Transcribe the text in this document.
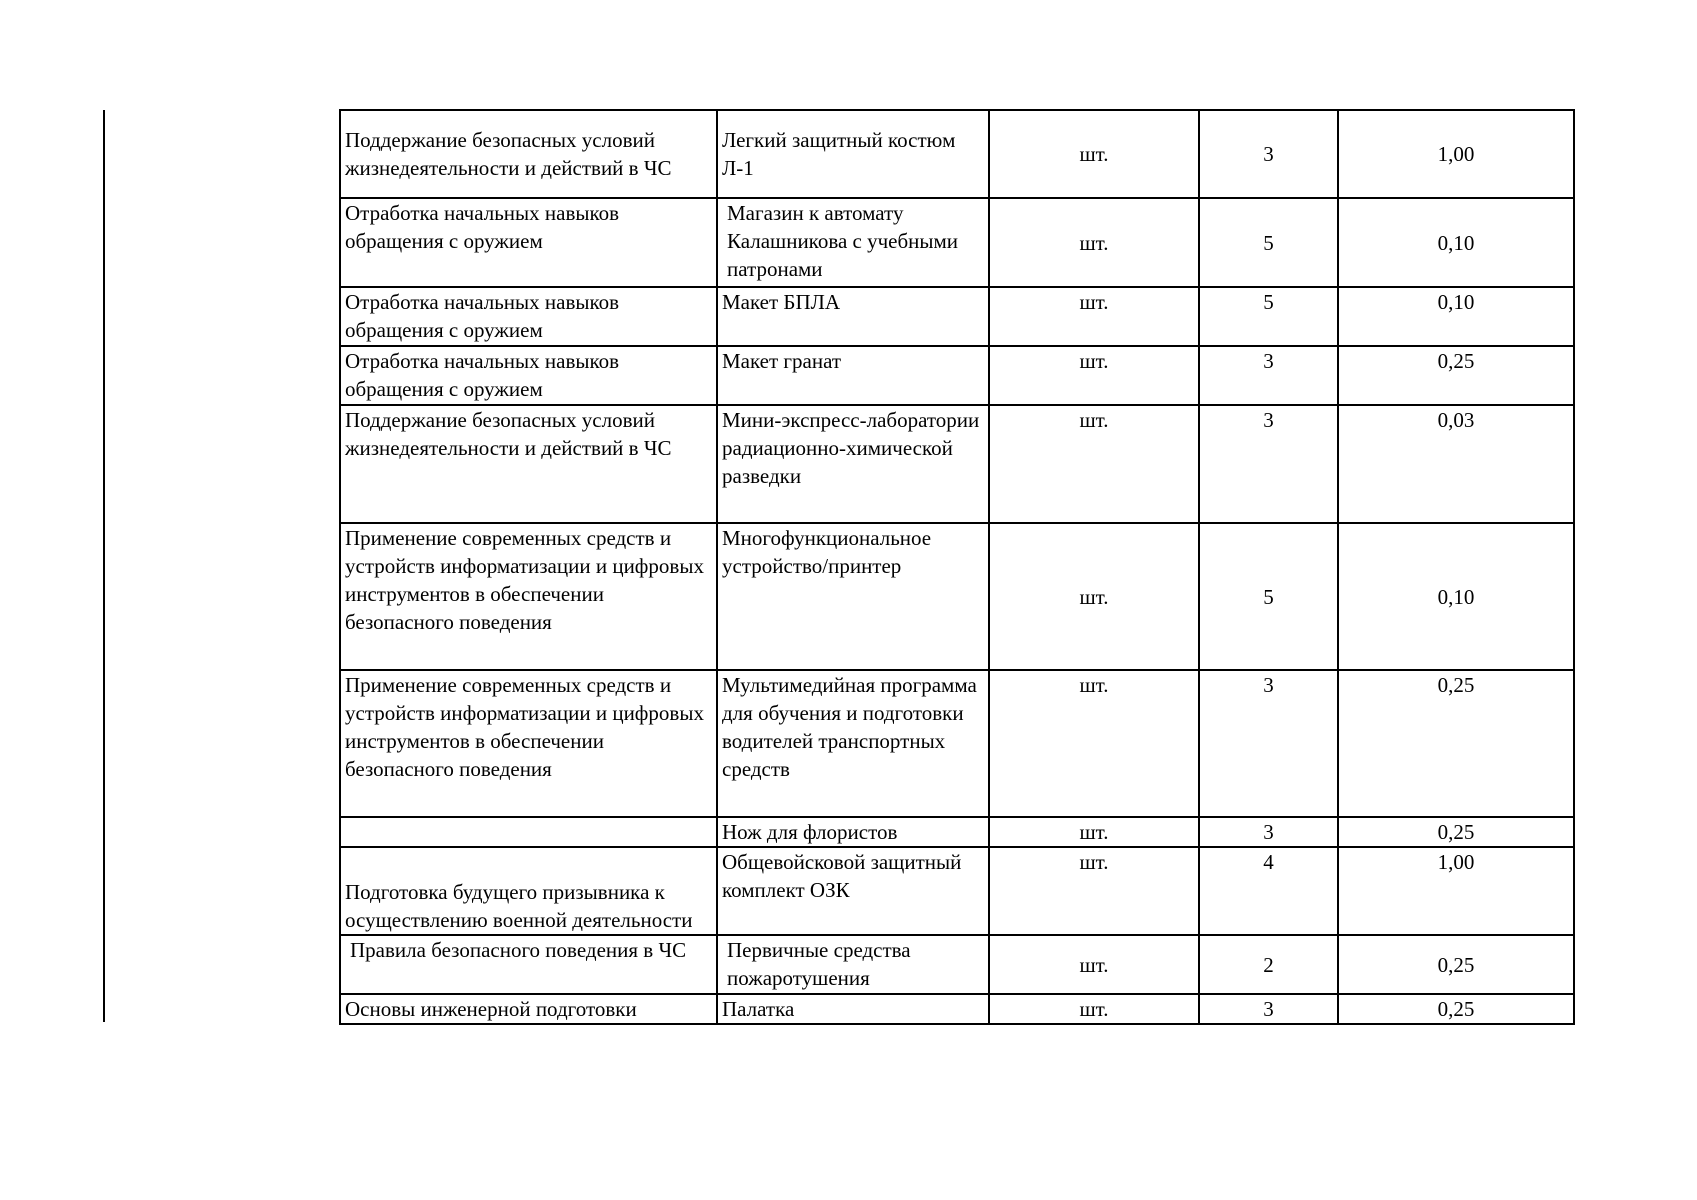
Поддержание безопасных условий жизнедеятельности и действий в ЧС	Легкий защитный костюм Л-1	шт.	3	1,00
Отработка начальных навыков обращения с оружием	Магазин к автомату Калашникова с учебными патронами	шт.	5	0,10
Отработка начальных навыков обращения с оружием	Макет БПЛА	шт.	5	0,10
Отработка начальных навыков обращения с оружием	Макет гранат	шт.	3	0,25
Поддержание безопасных условий жизнедеятельности и действий в ЧС	Мини-экспресс-лаборатории радиационно-химической разведки	шт.	3	0,03
Применение современных средств и устройств информатизации и цифровых инструментов в обеспечении безопасного поведения	Многофункциональное устройство/принтер	шт.	5	0,10
Применение современных средств и устройств информатизации и цифровых инструментов в обеспечении безопасного поведения	Мультимедийная программа для обучения и подготовки водителей транспортных средств	шт.	3	0,25
	Нож для флористов	шт.	3	0,25
Подготовка будущего призывника к осуществлению военной деятельности	Общевойсковой защитный комплект ОЗК	шт.	4	1,00
Правила безопасного поведения в ЧС	Первичные средства пожаротушения	шт.	2	0,25
Основы инженерной подготовки	Палатка	шт.	3	0,25
